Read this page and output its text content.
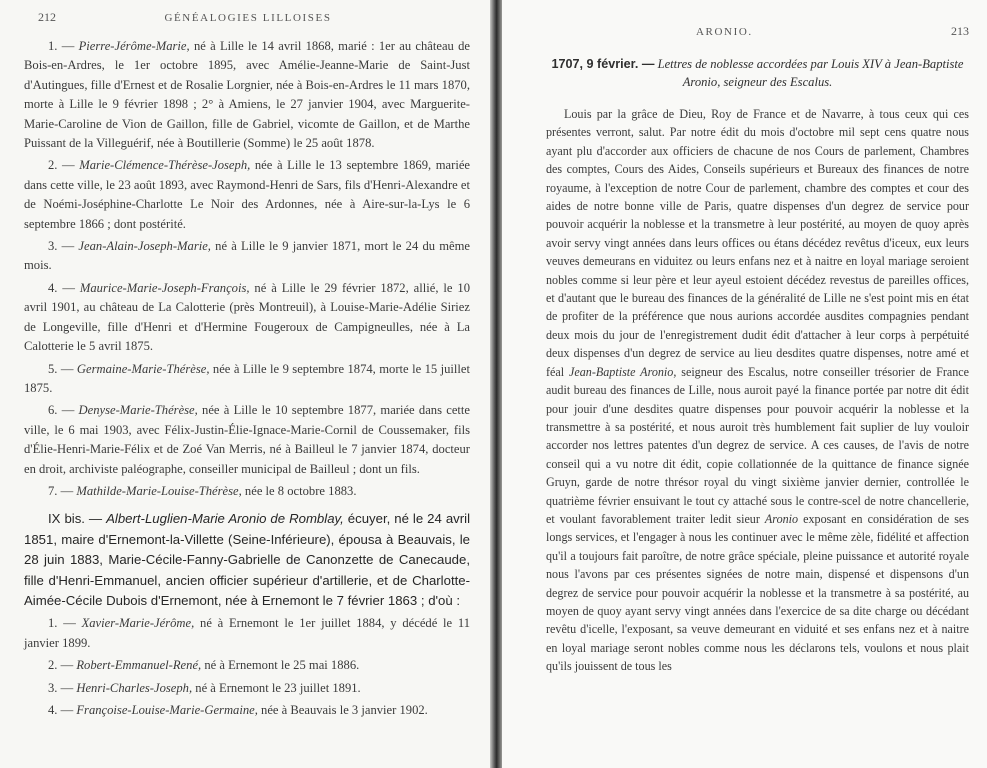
212	GÉNÉALOGIES LILLOISES

1. — Pierre-Jérôme-Marie, né à Lille le 14 avril 1868, marié : 1er au château de Bois-en-Ardres, le 1er octobre 1895, avec Amélie-Jeanne-Marie de Saint-Just d'Autingues, fille d'Ernest et de Rosalie Lorgnier, née à Bois-en-Ardres le 11 mars 1870, morte à Lille le 9 février 1898 ; 2° à Amiens, le 27 janvier 1904, avec Marguerite-Marie-Caroline de Vion de Gaillon, fille de Gabriel, vicomte de Gaillon, et de Marthe Puissant de la Villeguérif, née à Boutillerie (Somme) le 25 août 1878.

2. — Marie-Clémence-Thérèse-Joseph, née à Lille le 13 septembre 1869, mariée dans cette ville, le 23 août 1893, avec Raymond-Henri de Sars, fils d'Henri-Alexandre et de Noémi-Joséphine-Charlotte Le Noir des Ardonnes, née à Aire-sur-la-Lys le 6 septembre 1866 ; dont postérité.

3. — Jean-Alain-Joseph-Marie, né à Lille le 9 janvier 1871, mort le 24 du même mois.

4. — Maurice-Marie-Joseph-François, né à Lille le 29 février 1872, allié, le 10 avril 1901, au château de La Calotterie (près Montreuil), à Louise-Marie-Adélie Siriez de Longeville, fille d'Henri et d'Hermine Fougeroux de Campigneulles, née à La Calotterie le 5 avril 1875.

5. — Germaine-Marie-Thérèse, née à Lille le 9 septembre 1874, morte le 15 juillet 1875.

6. — Denyse-Marie-Thérèse, née à Lille le 10 septembre 1877, mariée dans cette ville, le 6 mai 1903, avec Félix-Justin-Élie-Ignace-Marie-Cornil de Coussemaker, fils d'Élie-Henri-Marie-Félix et de Zoé Van Merris, né à Bailleul le 7 janvier 1874, docteur en droit, archiviste paléographe, conseiller municipal de Bailleul ; dont un fils.

7. — Mathilde-Marie-Louise-Thérèse, née le 8 octobre 1883.

IX bis. — Albert-Luglien-Marie Aronio de Romblay, écuyer, né le 24 avril 1851, maire d'Ernemont-la-Villette (Seine-Inférieure), épousa à Beauvais, le 28 juin 1883, Marie-Cécile-Fanny-Gabrielle de Canonzette de Canecaude, fille d'Henri-Emmanuel, ancien officier supérieur d'artillerie, et de Charlotte-Aimée-Cécile Dubois d'Ernemont, née à Ernemont le 7 février 1863 ; d'où :

1. — Xavier-Marie-Jérôme, né à Ernemont le 1er juillet 1884, y décédé le 11 janvier 1899.

2. — Robert-Emmanuel-René, né à Ernemont le 25 mai 1886.

3. — Henri-Charles-Joseph, né à Ernemont le 23 juillet 1891.

4. — Françoise-Louise-Marie-Germaine, née à Beauvais le 3 janvier 1902.

ARONIO.	213

1707, 9 février. — Lettres de noblesse accordées par Louis XIV à Jean-Baptiste Aronio, seigneur des Escalus.

Louis par la grâce de Dieu, Roy de France et de Navarre, à tous ceux qui ces présentes verront, salut. Par notre édit du mois d'octobre mil sept cens quatre nous ayant plu d'accorder aux officiers de chacune de nos Cours de parlement, Chambres des comptes, Cours des Aides, Conseils supérieurs et Bureaux des finances de notre royaume, à l'exception de notre Cour de parlement, chambre des comptes et cour des aides de notre bonne ville de Paris, quatre dispenses d'un degrez de service pour pouvoir acquérir la noblesse et la transmetre à leur postérité, au moyen de quoy après avoir servy vingt années dans leurs offices ou étans décédez revêtus d'iceux, eux leurs veuves demeurans en viduitez ou leurs enfans nez et à naitre en loyal mariage seroient nobles comme si leur père et leur ayeul estoient décédez revestus de pareilles offices, et d'autant que le bureau des finances de la généralité de Lille ne s'est point mis en état de profiter de la préférence que nous aurions accordée ausdites compagnies pendant deux mois du jour de l'enregistrement dudit édit d'attacher à leur corps à perpétuité deux dispenses d'un degrez de service au lieu desdites quatre dispenses, notre amé et féal Jean-Baptiste Aronio, seigneur des Escalus, notre conseiller trésorier de France audit bureau des finances de Lille, nous auroit payé la finance portée par notre dit édit pour jouir d'une desdites quatre dispenses pour pouvoir acquérir la noblesse et la transmettre à sa postérité, et nous auroit très humblement fait suplier de luy vouloir accorder nos lettres patentes d'un degrez de service. A ces causes, de l'avis de notre conseil qui a vu notre dit édit, copie collationnée de la quittance de finance signée Gruyn, garde de notre thrésor royal du vingt sixième janvier dernier, controllée le quatrième février ensuivant le tout cy attaché sous le contre-scel de notre chancellerie, et voulant favorablement traiter ledit sieur Aronio exposant en considération de ses longs services, et l'engager à nous les continuer avec le même zèle, fidélité et affection qu'il a toujours fait paroître, de notre grâce spéciale, pleine puissance et autorité royale nous l'avons par ces présentes signées de notre main, dispensé et dispensons d'un degrez de service pour pouvoir acquérir la noblesse et la transmetre à sa postérité, au moyen de quoy ayant servy vingt années dans l'exercice de sa dite charge ou décédant revêtu d'icelle, l'exposant, sa veuve demeurant en viduité et ses enfans nez et à naitre en loyal mariage seront nobles comme nous les déclarons tels, voulons et nous plait qu'ils jouissent de tous les
